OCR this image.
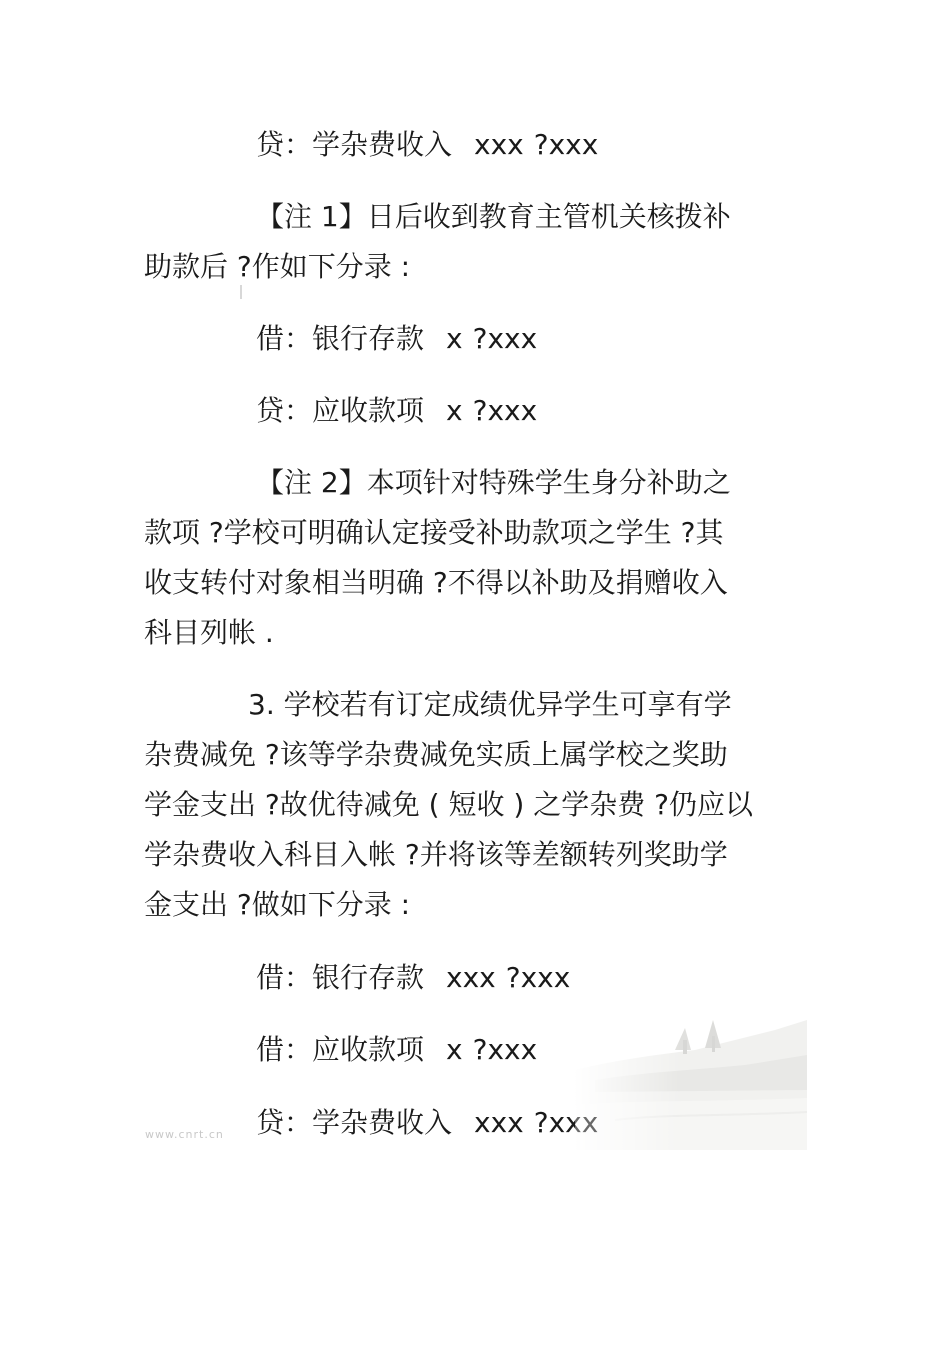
贷：学杂费收入 xxx ?xxx
【注 1】日后收到教育主管机关核拨补
助款后 ?作如下分录 :
借：银行存款 x ?xxx
贷：应收款项 x ?xxx
【注 2】本项针对特殊学生身分补助之
款项 ?学校可明确认定接受补助款项之学生 ?其
收支转付对象相当明确 ?不得以补助及捐赠收入
科目列帐 .
3. 学校若有订定成绩优异学生可享有学
杂费减免 ?该等学杂费减免实质上属学校之奖助
学金支出 ?故优待减免 ( 短收 ) 之学杂费 ?仍应以
学杂费收入科目入帐 ?并将该等差额转列奖助学
金支出 ?做如下分录 :
借：银行存款 xxx ?xxx
借：应收款项 x ?xxx
贷：学杂费收入 xxx ?xxx
www.cnrt.cn
